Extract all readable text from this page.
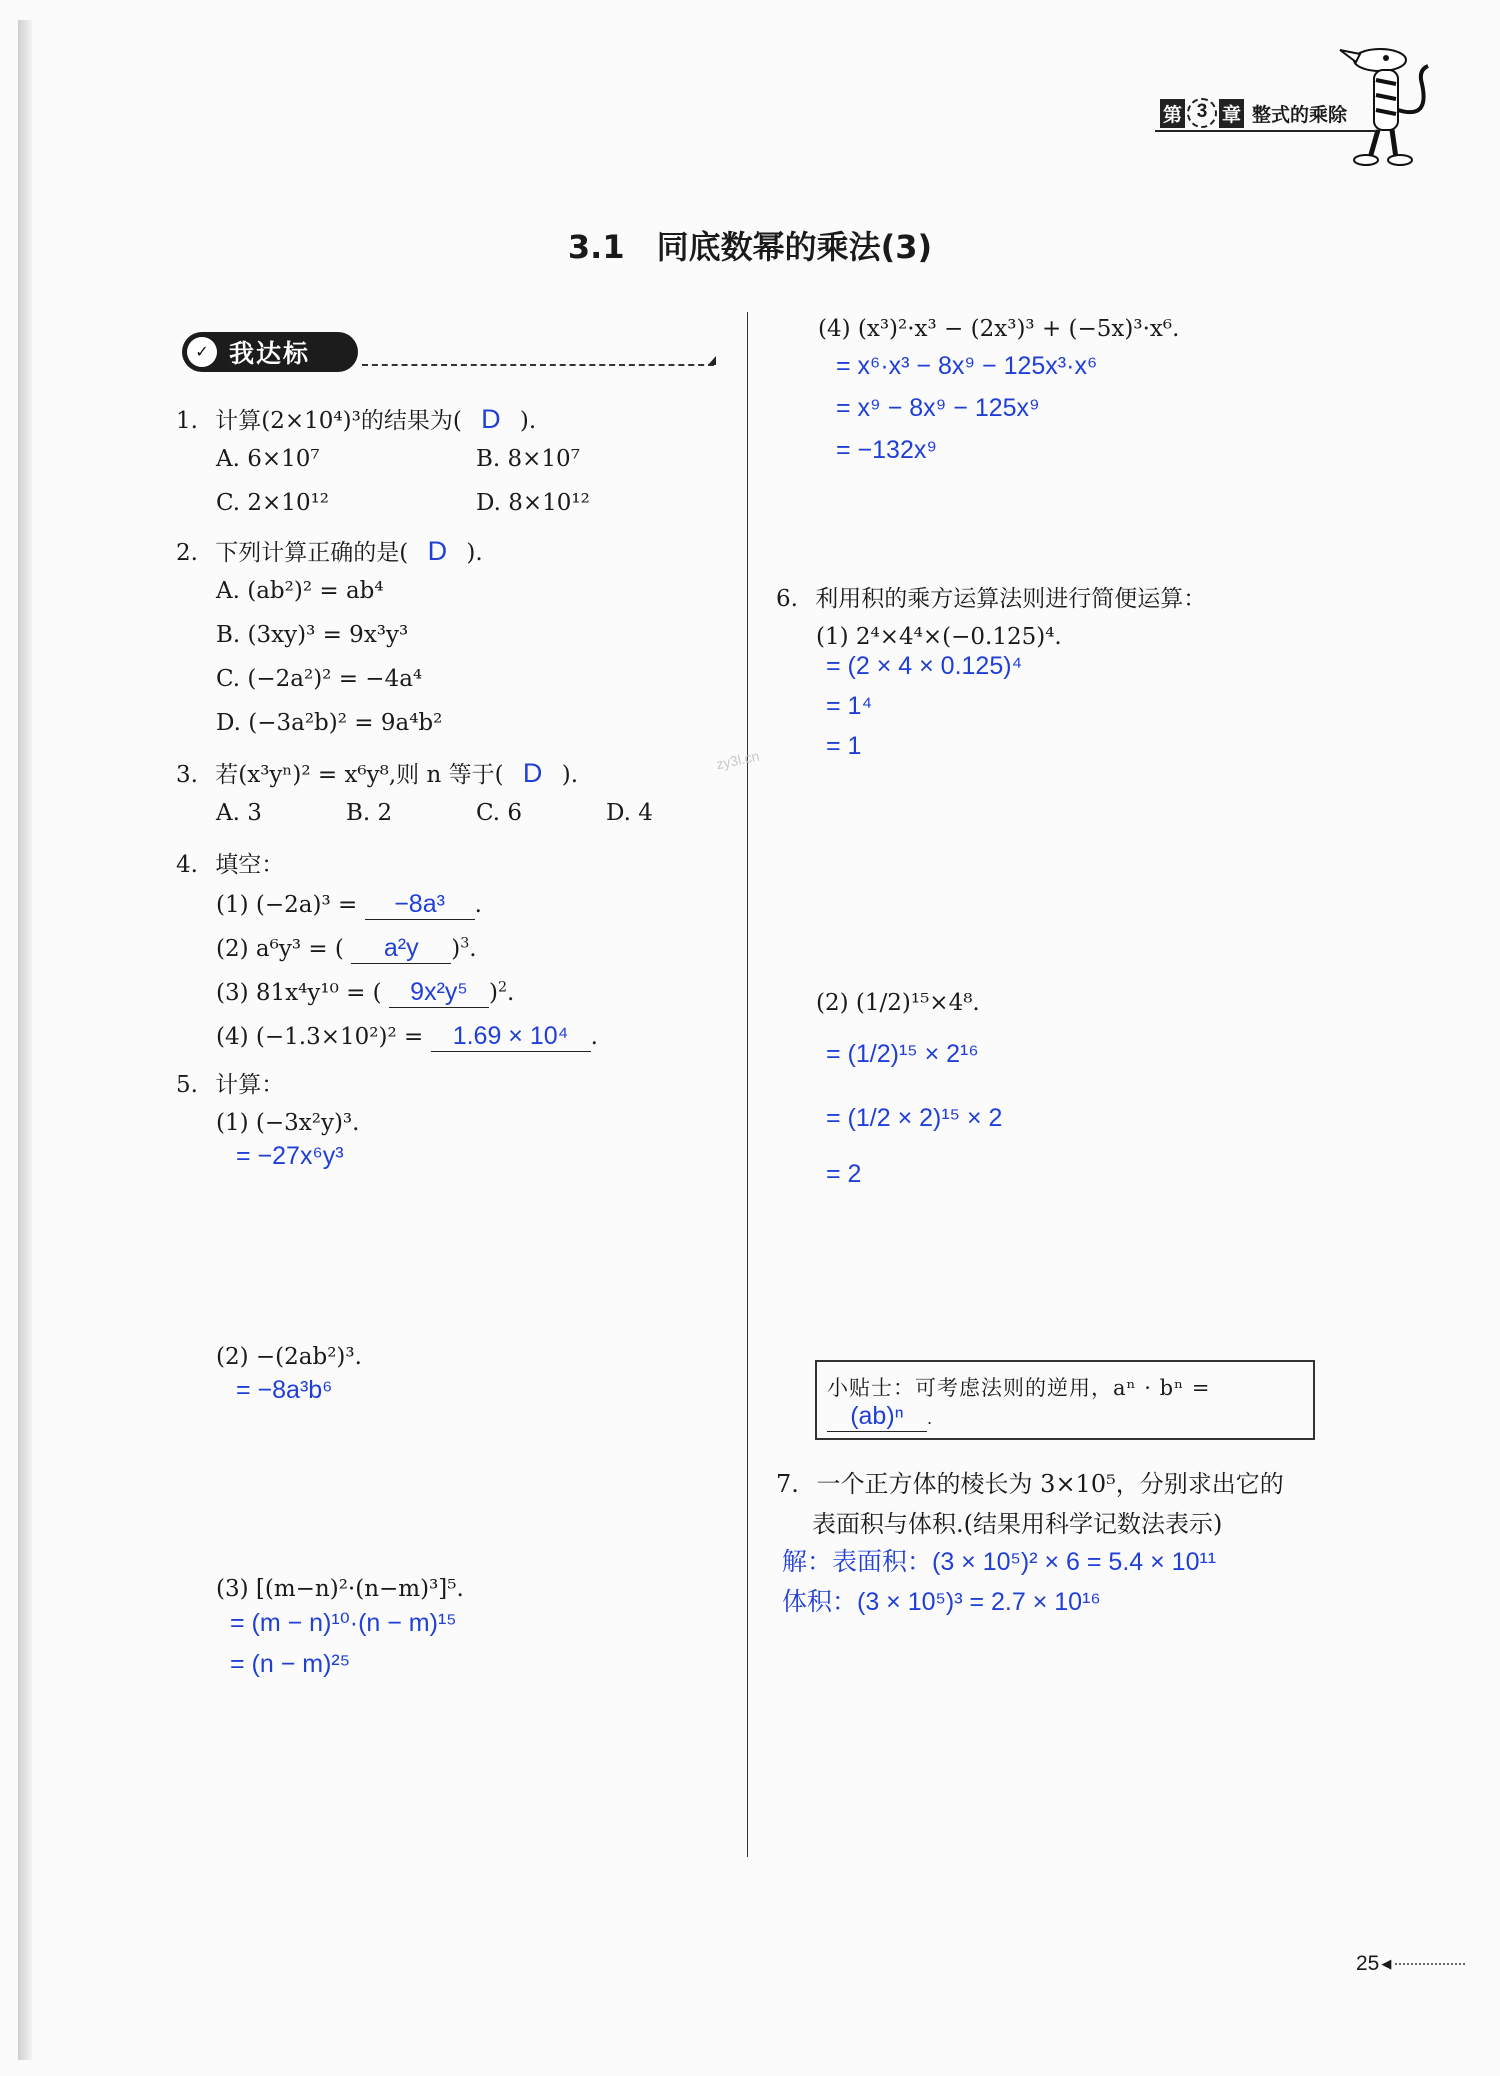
第 3 章 整式的乘除
3.1　同底数幂的乘法(3)
✓ 我达标
1. 计算(2×10⁴)³的结果为( D ).
A. 6×10⁷	B. 8×10⁷
C. 2×10¹²	D. 8×10¹²
2. 下列计算正确的是( D ).
A. (ab²)² = ab⁴
B. (3xy)³ = 9x³y³
C. (−2a²)² = −4a⁴
D. (−3a²b)² = 9a⁴b²
3. 若(x³yⁿ)² = x⁶y⁸,则 n 等于( D ).
A. 3	B. 2	C. 6	D. 4
4. 填空：
(1) (−2a)³ = −8a³ .
(2) a⁶y³ = ( a²y )$^3$.
(3) 81x⁴y¹⁰ = ( 9x²y⁵ )$^2$.
(4) (−1.3×10²)² = 1.69 × 10⁴ .
5. 计算：
(1) (−3x²y)³.
= −27x⁶y³
(2) −(2ab²)³.
= −8a³b⁶
(3) [(m−n)²·(n−m)³]⁵.
= (m − n)¹⁰·(n − m)¹⁵
= (n − m)²⁵
(4) (x³)²·x³ − (2x³)³ + (−5x)³·x⁶.
= x⁶·x³ − 8x⁹ − 125x³·x⁶
= x⁹ − 8x⁹ − 125x⁹
= −132x⁹
6. 利用积的乘方运算法则进行简便运算：
(1) 2⁴×4⁴×(−0.125)⁴.
= (2 × 4 × 0.125)⁴
= 1⁴
= 1
zy3l.cn
(2) (1/2)¹⁵×4⁸.
= (1/2)¹⁵ × 2¹⁶
= (1/2 × 2)¹⁵ × 2
= 2
小贴士：可考虑法则的逆用，aⁿ · bⁿ =
(ab)ⁿ .
7. 一个正方体的棱长为 3×10⁵，分别求出它的
表面积与体积.(结果用科学记数法表示)
解：表面积：(3 × 10⁵)² × 6 = 5.4 × 10¹¹
体积：(3 × 10⁵)³ = 2.7 × 10¹⁶
25 ◀
